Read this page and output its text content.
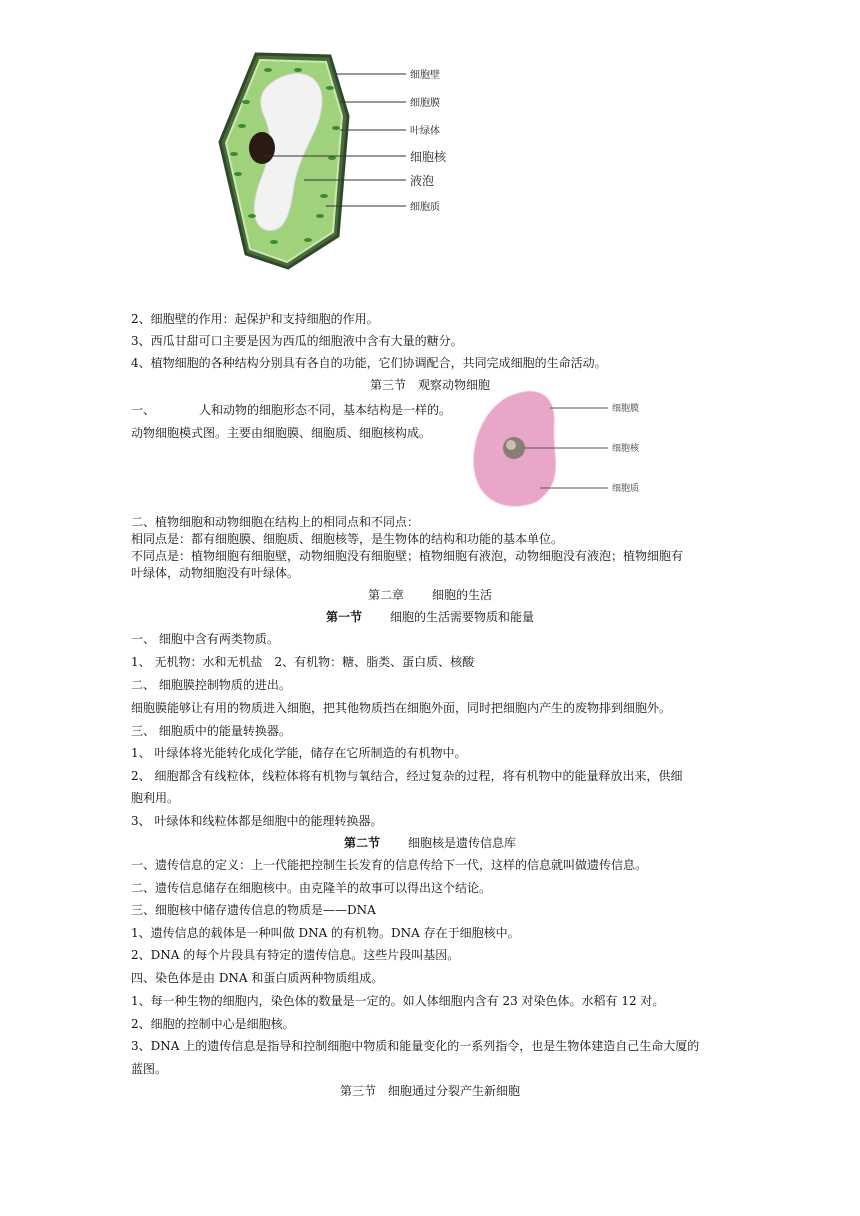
细胞壁
细胞膜
叶绿体
细胞核
液泡
细胞质
2、细胞壁的作用：起保护和支持细胞的作用。
3、西瓜甘甜可口主要是因为西瓜的细胞液中含有大量的糖分。
4、植物细胞的各种结构分别具有各自的功能，它们协调配合，共同完成细胞的生命活动。
第三节　观察动物细胞
一、	人和动物的细胞形态不同，基本结构是一样的。
动物细胞模式图。主要由细胞膜、细胞质、细胞核构成。
细胞膜
细胞核
细胞质
二、植物细胞和动物细胞在结构上的相同点和不同点：
相同点是：都有细胞膜、细胞质、细胞核等，是生物体的结构和功能的基本单位。
不同点是：植物细胞有细胞壁，动物细胞没有细胞壁；植物细胞有液泡，动物细胞没有液泡；植物细胞有
叶绿体，动物细胞没有叶绿体。
第二章 细胞的生活
第一节 细胞的生活需要物质和能量
一、 细胞中含有两类物质。
1、 无机物：水和无机盐　2、有机物：糖、脂类、蛋白质、核酸
二、 细胞膜控制物质的进出。
细胞膜能够让有用的物质进入细胞，把其他物质挡在细胞外面，同时把细胞内产生的废物排到细胞外。
三、 细胞质中的能量转换器。
1、 叶绿体将光能转化成化学能，储存在它所制造的有机物中。
2、 细胞都含有线粒体，线粒体将有机物与氧结合，经过复杂的过程，将有机物中的能量释放出来，供细
胞利用。
3、 叶绿体和线粒体都是细胞中的能理转换器。
第二节 细胞核是遗传信息库
一、遗传信息的定义：上一代能把控制生长发育的信息传给下一代，这样的信息就叫做遗传信息。
二、遗传信息储存在细胞核中。由克隆羊的故事可以得出这个结论。
三、细胞核中储存遗传信息的物质是——DNA
1、遗传信息的载体是一种叫做 DNA 的有机物。DNA 存在于细胞核中。
2、DNA 的每个片段具有特定的遗传信息。这些片段叫基因。
四、染色体是由 DNA 和蛋白质两种物质组成。
1、每一种生物的细胞内，染色体的数量是一定的。如人体细胞内含有 23 对染色体。水稻有 12 对。
2、细胞的控制中心是细胞核。
3、DNA 上的遗传信息是指导和控制细胞中物质和能量变化的一系列指令，也是生物体建造自己生命大厦的
蓝图。
第三节　细胞通过分裂产生新细胞
